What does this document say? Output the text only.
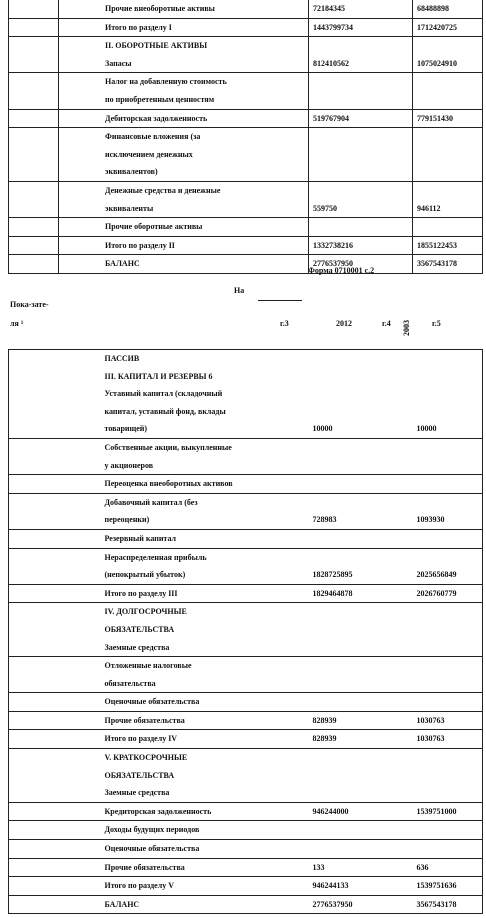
	Прочие внеоборотные активы	72184345	68488898
	Итого по разделу I	1443799734	1712420725
	II. ОБОРОТНЫЕ АКТИВЫ
Запасы	812410562	1075024910
	Налог на добавленную стоимость
по приобретенным ценностям		
	Дебиторская задолженность	519767904	779151430
	Финансовые вложения (за
исключением денежных
эквивалентов)		
	Денежные средства и денежные
эквиваленты	559750	946112
	Прочие оборотные активы		
	Итого по разделу II	1332738216	1855122453
	БАЛАНС	2776537950	3567543178
Форма 0710001 с.2
На
Пока-зате-
ля ¹	г.3	2012	г.4 2003	г.5
	ПАССИВ
III. КАПИТАЛ И РЕЗЕРВЫ 6
Уставный капитал (складочный
капитал, уставный фонд, вклады
товарищей)	10000	10000
	Собственные акции, выкупленные
у акционеров		
	Переоценка внеоборотных активов		
	Добавочный капитал (без
переоценки)	728983	1093930
	Резервный капитал		
	Нераспределенная прибыль
(непокрытый убыток)	1828725895	2025656849
	Итого по разделу III	1829464878	2026760779
	IV. ДОЛГОСРОЧНЫЕ
ОБЯЗАТЕЛЬСТВА
Заемные средства		
	Отложенные налоговые
обязательства		
	Оценочные обязательства		
	Прочие обязательства	828939	1030763
	Итого по разделу IV	828939	1030763
	V. КРАТКОСРОЧНЫЕ
ОБЯЗАТЕЛЬСТВА
Заемные средства		
	Кредиторская задолженность	946244000	1539751000
	Доходы будущих периодов		
	Оценочные обязательства		
	Прочие обязательства	133	636
	Итого по разделу V	946244133	1539751636
	БАЛАНС	2776537950	3567543178
